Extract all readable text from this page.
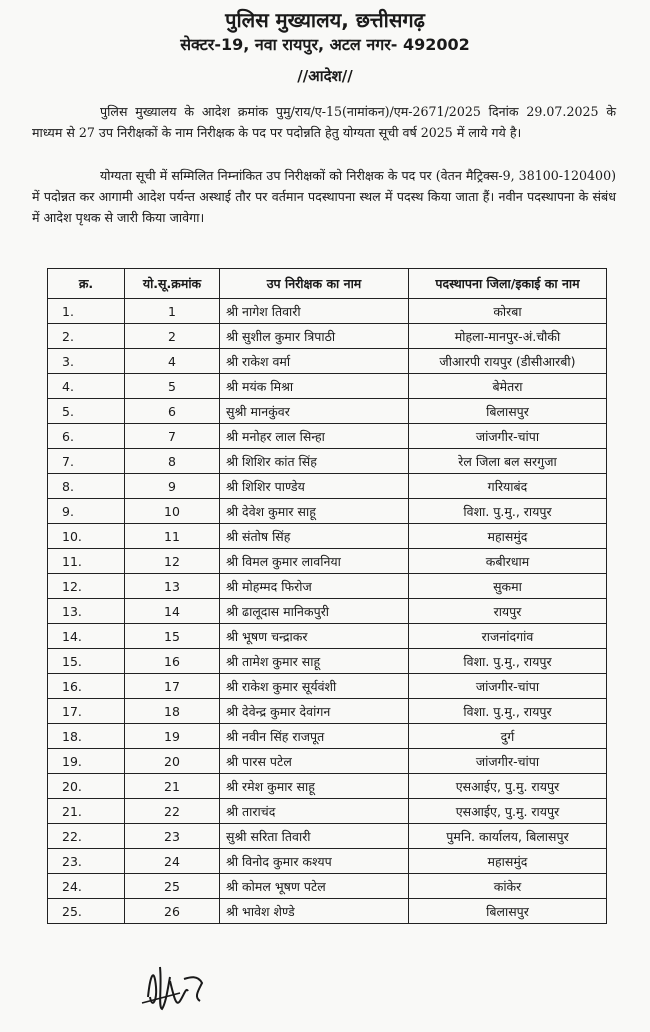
पुलिस मुख्यालय, छत्तीसगढ़
सेक्टर-19, नवा रायपुर, अटल नगर- 492002
//आदेश//
पुलिस मुख्यालय के आदेश क्रमांक पुमु/राय/ए-15(नामांकन)/एम-2671/2025 दिनांक 29.07.2025 के माध्यम से 27 उप निरीक्षकों के नाम निरीक्षक के पद पर पदोन्नति हेतु योग्यता सूची वर्ष 2025 में लाये गये है।
योग्यता सूची में सम्मिलित निम्नांकित उप निरीक्षकों को निरीक्षक के पद पर (वेतन मैट्रिक्स-9, 38100-120400) में पदोन्नत कर आगामी आदेश पर्यन्त अस्थाई तौर पर वर्तमान पदस्थापना स्थल में पदस्थ किया जाता हैं। नवीन पदस्थापना के संबंध में आदेश पृथक से जारी किया जावेगा।
क्र.	यो.सू.क्रमांक	उप निरीक्षक का नाम	पदस्थापना जिला/इकाई का नाम
1.	1	श्री नागेश तिवारी	कोरबा
2.	2	श्री सुशील कुमार त्रिपाठी	मोहला-मानपुर-अं.चौकी
3.	4	श्री राकेश वर्मा	जीआरपी रायपुर (डीसीआरबी)
4.	5	श्री मयंक मिश्रा	बेमेतरा
5.	6	सुश्री मानकुंवर	बिलासपुर
6.	7	श्री मनोहर लाल सिन्हा	जांजगीर-चांपा
7.	8	श्री शिशिर कांत सिंह	रेल जिला बल सरगुजा
8.	9	श्री शिशिर पाण्डेय	गरियाबंद
9.	10	श्री देवेश कुमार साहू	विशा. पु.मु., रायपुर
10.	11	श्री संतोष सिंह	महासमुंद
11.	12	श्री विमल कुमार लावनिया	कबीरधाम
12.	13	श्री मोहम्मद फिरोज	सुकमा
13.	14	श्री ढालूदास मानिकपुरी	रायपुर
14.	15	श्री भूषण चन्द्राकर	राजनांदगांव
15.	16	श्री तामेश कुमार साहू	विशा. पु.मु., रायपुर
16.	17	श्री राकेश कुमार सूर्यवंशी	जांजगीर-चांपा
17.	18	श्री देवेन्द्र कुमार देवांगन	विशा. पु.मु., रायपुर
18.	19	श्री नवीन सिंह राजपूत	दुर्ग
19.	20	श्री पारस पटेल	जांजगीर-चांपा
20.	21	श्री रमेश कुमार साहू	एसआईए, पु.मु. रायपुर
21.	22	श्री ताराचंद	एसआईए, पु.मु. रायपुर
22.	23	सुश्री सरिता तिवारी	पुमनि. कार्यालय, बिलासपुर
23.	24	श्री विनोद कुमार कश्यप	महासमुंद
24.	25	श्री कोमल भूषण पटेल	कांकेर
25.	26	श्री भावेश शेण्डे	बिलासपुर
